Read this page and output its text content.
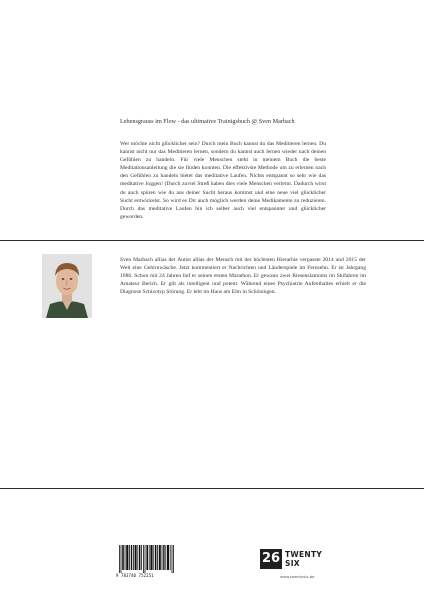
Lebensgrauss im Flow - das ultimative Trainigsbuch @ Sven Marbach
Wer möchte nicht glücklicher sein? Durch mein Buch kannst du das Meditieren lernen. Du kannst nicht nur das Meditieren lernen, sondern du kannst auch lernen wieder nach deinen Gefühlen zu handeln. Für viele Menschen steht in meinem Buch die beste Meditationsanleitung die sie finden konnten. Die effektivste Methode um zu erlernen nach den Gefühlen zu handeln bietet das meditative Laufen. Nichts entspannt so sehr wie das meditative Joggen! (Durch zuviel Streß haben dies viele Menschen verlernt. Dadurch wirst du auch spüren wie du aus deiner Sucht heraus kommst und eine neue viel glücklicher Sucht entwickelst. So wird es Dir auch möglich werden deine Medikamente zu reduzieren. Durch das meditative Laufen bin ich selber auch viel entspannter und glücklicher geworden.
Sven Marbach allias der Autist allias der Mensch mit der höchtsten Hierarhie verpasste 2014 und 2015 der Welt eine Gehirnwäsche. Jetzt kommentiert er Nachrichten und Länderspiele im Fernsehn. Er ist Jahrgang 1986. Schon mit 24 Jahren lief er seinen ersten Marathon. Er gewann zwei Riesenslamoms im Skifahren im Amateur Berich. Er gilt als intelligent und potent. Während eines Psychiatrie Aufenthaltes erhielt er die Diagnose Schizotyp Störung. Er lebt im Haus am Elm in Schöningen.
9 783740 752251
26 TWENTY
SIX
www.twentysix.de
